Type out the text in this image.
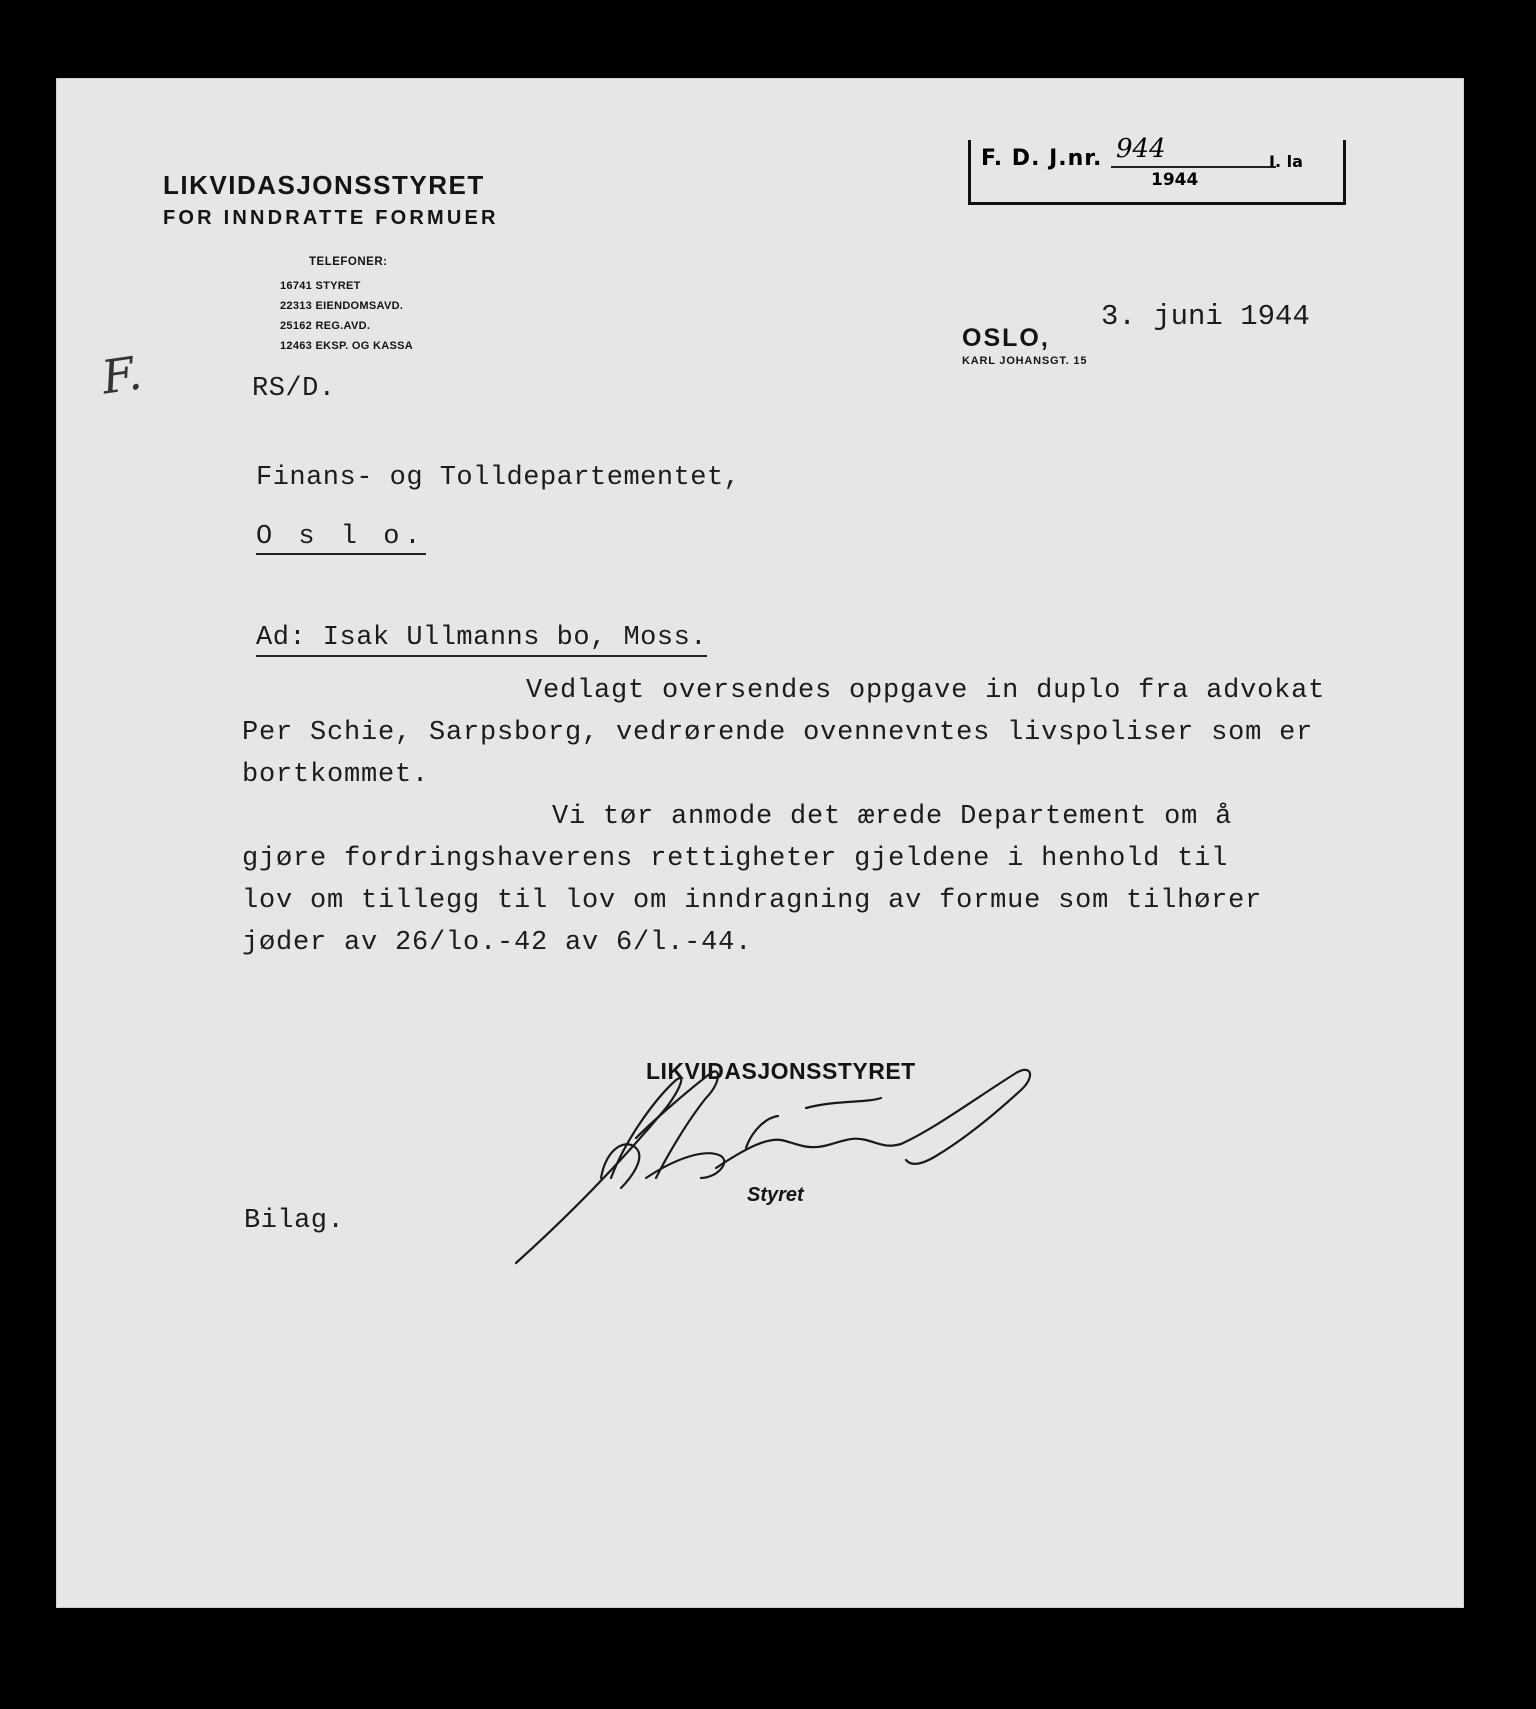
LIKVIDASJONSSTYRET
FOR INNDRATTE FORMUER
TELEFONER:
16741 STYRET
22313 EIENDOMSAVD.
25162 REG.AVD.
12463 EKSP. OG KASSA
F. D. J.nr. 944
1944
I. la
3. juni 1944
OSLO,
KARL JOHANSGT. 15
F.	RS/D.
Finans- og Tolldepartementet,
O s l o.
Ad: Isak Ullmanns bo, Moss.
Vedlagt oversendes oppgave in duplo fra advokat
Per Schie, Sarpsborg, vedrørende ovennevntes livspoliser som er
bortkommet.
Vi tør anmode det ærede Departement om å
gjøre fordringshaverens rettigheter gjeldene i henhold til
lov om tillegg til lov om inndragning av formue som tilhører
jøder av 26/lo.-42 av 6/l.-44.
LIKVIDASJONSSTYRET
Styret
Bilag.
